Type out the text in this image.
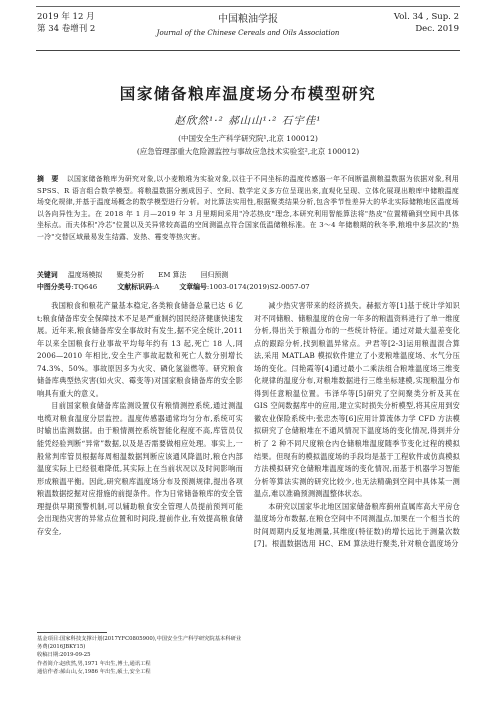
2019 年 12 月
第 34 卷增刊 2
中国粮油学报
Journal of the Chinese Cereals and Oils Association
Vol. 34 , Sup. 2
Dec. 2019
国家储备粮库温度场分布模型研究
赵欣然¹·² 郝山山¹·² 石宇佳¹
(中国安全生产科学研究院¹,北京 100012)
(应急管理部重大危险源监控与事故应急技术实验室²,北京 100012)
摘　要 以国家储备粮库为研究对象,以小麦粮堆为实验对象,以往于不同坐标的温度传感器一年不间断温测粮温数据为依据对象,利用 SPSS、R 语言组合数学模型。将粮温数据分割成因子、空间、数学定义多方位呈现出来,直观化呈现、立体化展现出粮库中储粮温度场变化规律,并基于温度场概念的数学模型进行分析。对比算法实用性,根据聚类结果分析,包含季节性差异大的华北实际储粮地区温度场以各向异性为主。在 2018 年 1 月—2019 年 3 月里期间采用"冷芯热皮"理念,本研究利用智能算法将"热皮"位置精确到空间中具体坐标点。而夫体积"冷芯"位置以及关异常较高温的空间测温点符合国家低温储粮标准。在 3～4 年储粮期的秋冬季,粮堆中多层次的"热一冷"交替区域最易发生结露、发热、霉变等热灾害。
关键词 温度场模拟 聚类分析 EM 算法 回归预测
中图分类号:TQ646	文献标识码:A	文章编号:1003-0174(2019)S2-0057-07

我国粮食和粮花产量基本稳定,各类粮食储备总量已达 6 亿 t;粮食储备库安全保障技术不足是严重制约国民经济健康快速发展。近年来,粮食储备库安全事故时有发生,据不完全统计,2011 年以来全国粮食行业事故平均每年约有 13 起,死亡 18 人,同 2006—2010 年相比,安全生产事故起数和死亡人数分别增长 74.3%、50%。事故原因多为火灾、磷化氢溢燃等。研究粮食储备库典型热灾害(如火灾、霉变等)对国家粮食储备库的安全影响具有重大的意义。

目前国家粮食储备库监测设置仅有粮情测控系统,通过测温电缆对粮食温度分层监控。温度传感器通常均匀分布,系统可实时输出监测数据。由于粮情测控系统智能化程度不高,库管员仅能凭经验判断“异常”数据,以及是否需要做相应处理。事实上,一般常判库管员根据每周相温数据判断应该通风降温时,粮仓内部温度实际上已经很难降低,其实际上在当前状况以及时间影响而形成粮温平衡。因此,研究粮库温度场分布及预测规律,提出各项粮温数据挖掘对应措施的前提条件。作为日常储备粮库的安全管理提供早期预警机制,可以辅助粮食安全管理人员提前预判可能会出现热灾害的异常点位置和时间段,提前作业,有效提高粮食储存安全,

减少热灾害带来的经济损失。赫振方等[1]基于统计学知识对不同储粮、储粮温度的仓房一年多的粮温资料进行了单一维度分析,得出关于粮温分布的一些统计特征。通过对最大温差变化点的跟踪分析,找到粮温异常点。尹君等[2-3]运用粮温混合算法,采用 MATLAB 模拟软件建立了小麦粮堆温度场、水气分压场的变化。闫艳霞等[4]通过最小二乘法组合粮堆温度场三维变化规律的温度分布,对粮堆数据进行三维坐标建模,实现粮温分布得到任意粮温位置。韦泽华等[5]研究了空间聚类分析及其在 GIS 空间数据库中的应用,建立实时损失分析模型,将其应用到安徽农业保险系统中;张忠杰等[6]应用计算流体力学 CFD 方法模拟研究了仓储粮堆在不通风情况下温度场的变化情况,得到并分析了 2 种不同尺度粮仓内仓储粮堆温度随季节变化过程的模拟结果。但现有的模拟温度场的手段均是基于工程软件或仿真模拟方法模拟研究仓储粮堆温度场的变化情况,而基于机器学习智能分析等算法实测的研究比较少,也无法精确到空间中具体某一测温点,难以准确预测测温整体状态。

本研究以国家华北地区国家储备粮库蓟州直属库高大平房仓温度场分布数据,在粮仓空间中不同测温点,加果在一个相当长的时间周期内反复地测量,其维度(特征数)的增长远比于测量次数[7]。根温数据选用 HC、EM 算法进行聚类,针对粮仓温度场分

基金项目:国家科技支撑计划(2017YFC0805900),中国安全生产科学研究院基本科研业务费(2016JBKY15)

收稿日期:2019-09-25

作者简介:赵欣然,男,1971 年出生,博士,通讯工程

通信作者:郝山山,女,1986 年出生,硕士,安全工程
